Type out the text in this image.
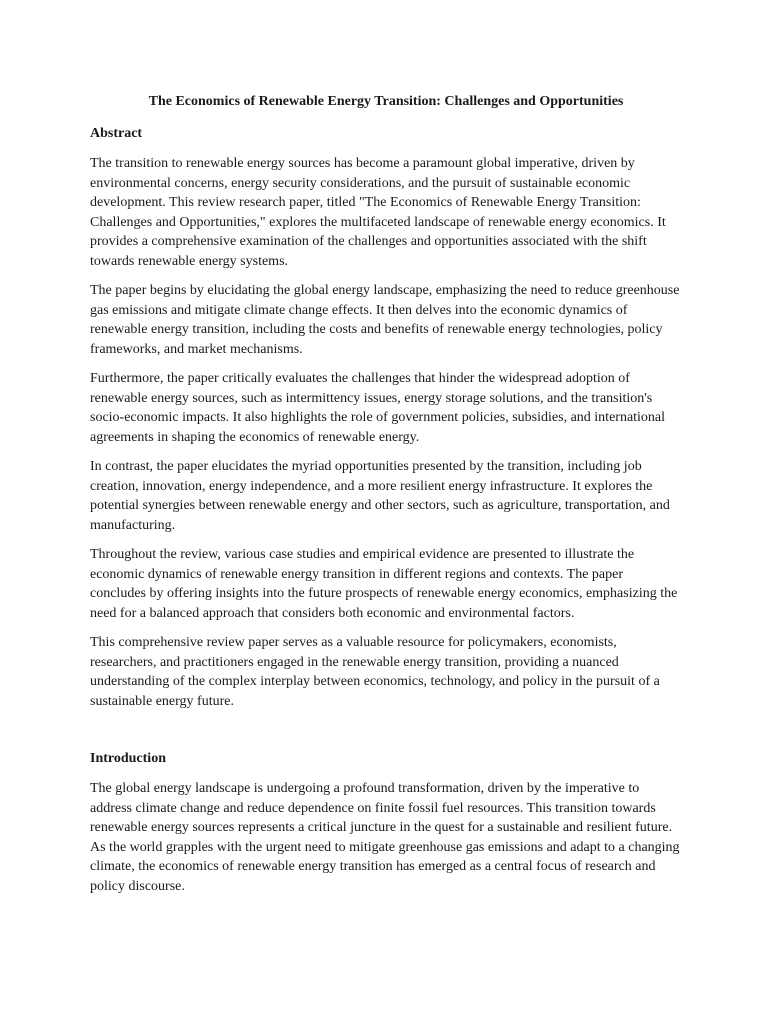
The Economics of Renewable Energy Transition: Challenges and Opportunities
Abstract

The transition to renewable energy sources has become a paramount global imperative, driven by environmental concerns, energy security considerations, and the pursuit of sustainable economic development. This review research paper, titled "The Economics of Renewable Energy Transition: Challenges and Opportunities," explores the multifaceted landscape of renewable energy economics. It provides a comprehensive examination of the challenges and opportunities associated with the shift towards renewable energy systems.

The paper begins by elucidating the global energy landscape, emphasizing the need to reduce greenhouse gas emissions and mitigate climate change effects. It then delves into the economic dynamics of renewable energy transition, including the costs and benefits of renewable energy technologies, policy frameworks, and market mechanisms.

Furthermore, the paper critically evaluates the challenges that hinder the widespread adoption of renewable energy sources, such as intermittency issues, energy storage solutions, and the transition's socio-economic impacts. It also highlights the role of government policies, subsidies, and international agreements in shaping the economics of renewable energy.

In contrast, the paper elucidates the myriad opportunities presented by the transition, including job creation, innovation, energy independence, and a more resilient energy infrastructure. It explores the potential synergies between renewable energy and other sectors, such as agriculture, transportation, and manufacturing.

Throughout the review, various case studies and empirical evidence are presented to illustrate the economic dynamics of renewable energy transition in different regions and contexts. The paper concludes by offering insights into the future prospects of renewable energy economics, emphasizing the need for a balanced approach that considers both economic and environmental factors.

This comprehensive review paper serves as a valuable resource for policymakers, economists, researchers, and practitioners engaged in the renewable energy transition, providing a nuanced understanding of the complex interplay between economics, technology, and policy in the pursuit of a sustainable energy future.

Introduction

The global energy landscape is undergoing a profound transformation, driven by the imperative to address climate change and reduce dependence on finite fossil fuel resources. This transition towards renewable energy sources represents a critical juncture in the quest for a sustainable and resilient future. As the world grapples with the urgent need to mitigate greenhouse gas emissions and adapt to a changing climate, the economics of renewable energy transition has emerged as a central focus of research and policy discourse.
